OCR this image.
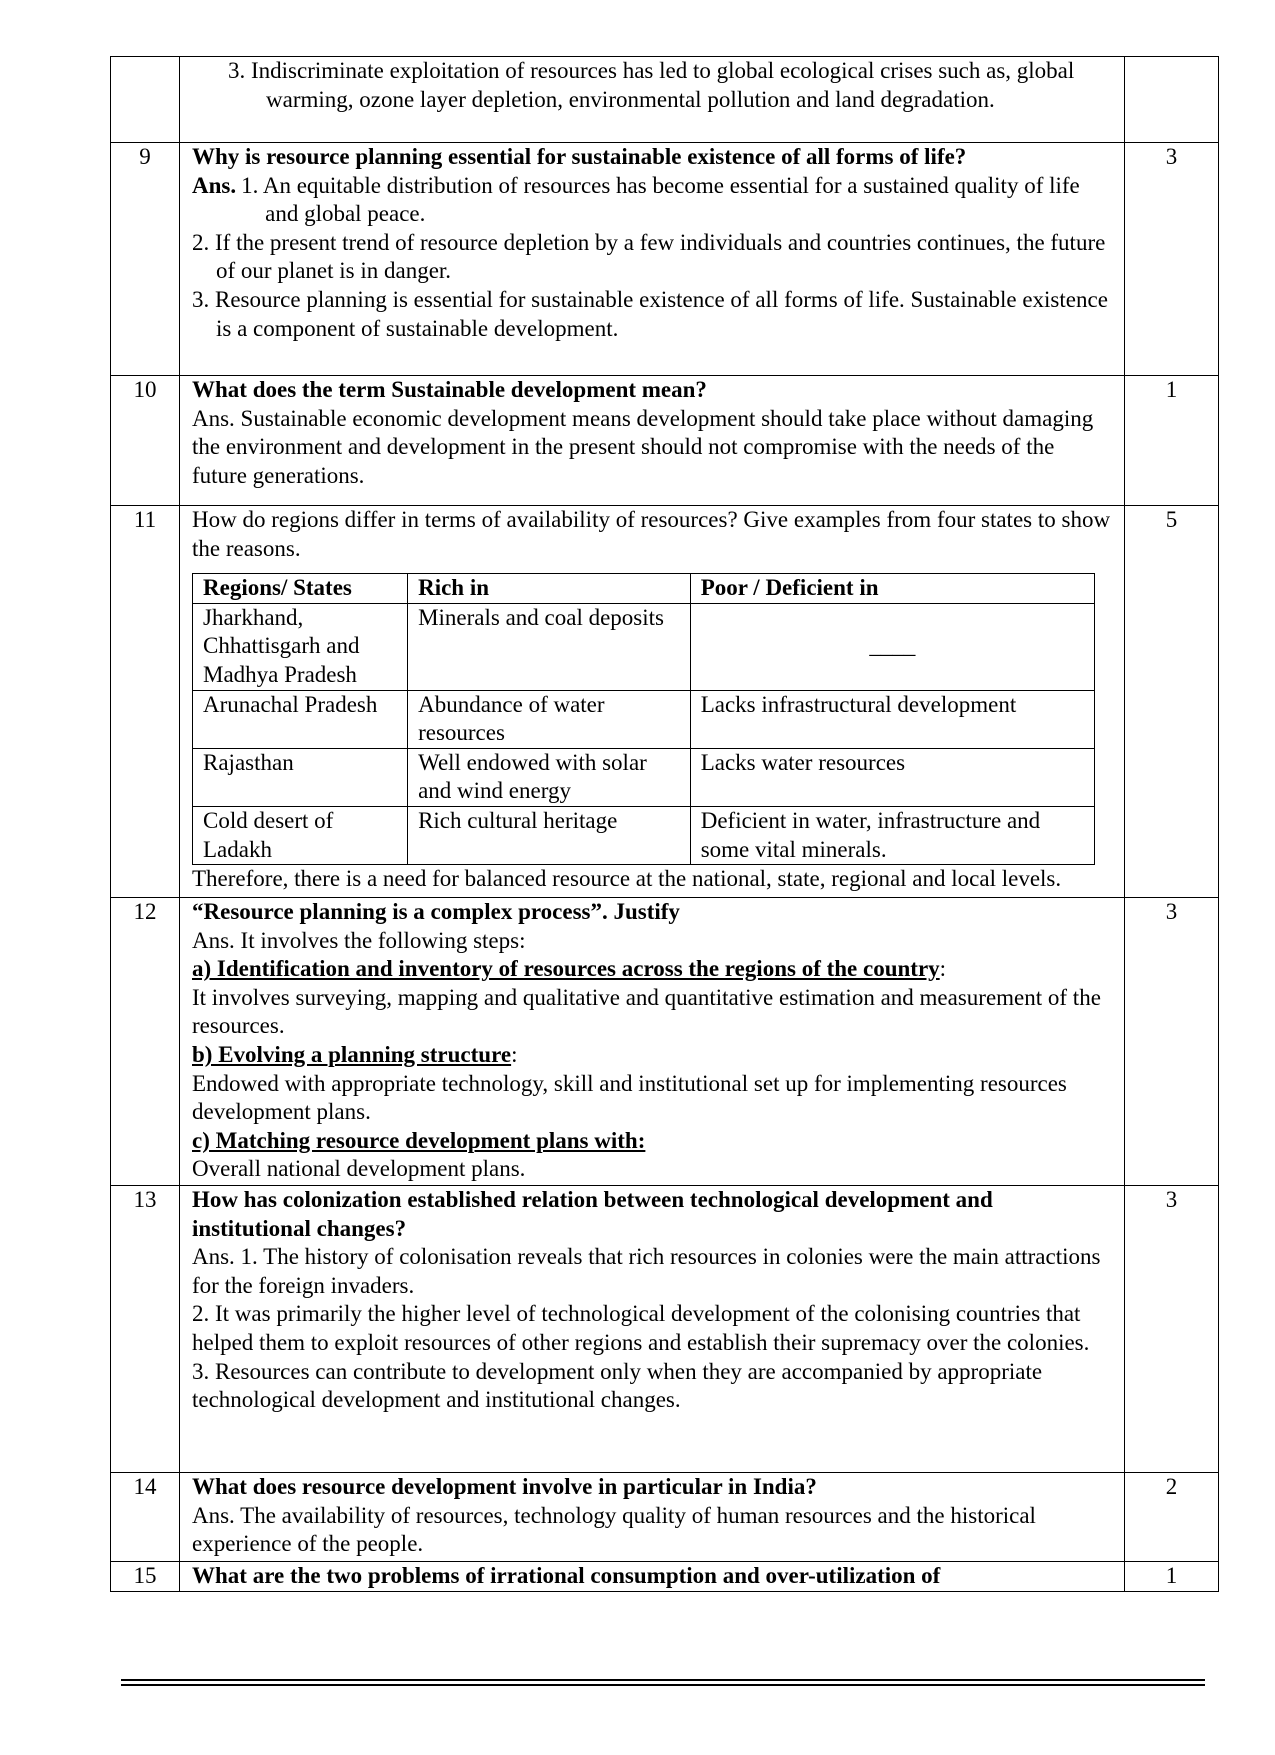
3. Indiscriminate exploitation of resources has led to global ecological crises such as, global warming, ozone layer depletion, environmental pollution and land degradation.

9	Why is resource planning essential for sustainable existence of all forms of life?
Ans. 1. An equitable distribution of resources has become essential for a sustained quality of life and global peace.
2. If the present trend of resource depletion by a few individuals and countries continues, the future of our planet is in danger.
3. Resource planning is essential for sustainable existence of all forms of life. Sustainable existence is a component of sustainable development.
	3
10	What does the term Sustainable development mean?
Ans. Sustainable economic development means development should take place without damaging the environment and development in the present should not compromise with the needs of the future generations.
	1
11	How do regions differ in terms of availability of resources? Give examples from four states to show the reasons.
Regions/ States	Rich in	Poor / Deficient in
Jharkhand, Chhattisgarh and Madhya Pradesh	Minerals and coal deposits	____
Arunachal Pradesh	Abundance of water resources	Lacks infrastructural development
Rajasthan	Well endowed with solar and wind energy	Lacks water resources
Cold desert of Ladakh	Rich cultural heritage	Deficient in water, infrastructure and some vital minerals.
Therefore, there is a need for balanced resource at the national, state, regional and local levels.
	5
12	“Resource planning is a complex process”. Justify
Ans. It involves the following steps:
a) Identification and inventory of resources across the regions of the country:
It involves surveying, mapping and qualitative and quantitative estimation and measurement of the resources.
b) Evolving a planning structure:
Endowed with appropriate technology, skill and institutional set up for implementing resources development plans.
c) Matching resource development plans with:
Overall national development plans.
	3
13	How has colonization established relation between technological development and institutional changes?
Ans. 1. The history of colonisation reveals that rich resources in colonies were the main attractions for the foreign invaders.
2. It was primarily the higher level of technological development of the colonising countries that helped them to exploit resources of other regions and establish their supremacy over the colonies.
3. Resources can contribute to development only when they are accompanied by appropriate technological development and institutional changes.
	3
14	What does resource development involve in particular in India?
Ans. The availability of resources, technology quality of human resources and the historical experience of the people.
	2
15	What are the two problems of irrational consumption and over-utilization of	1
